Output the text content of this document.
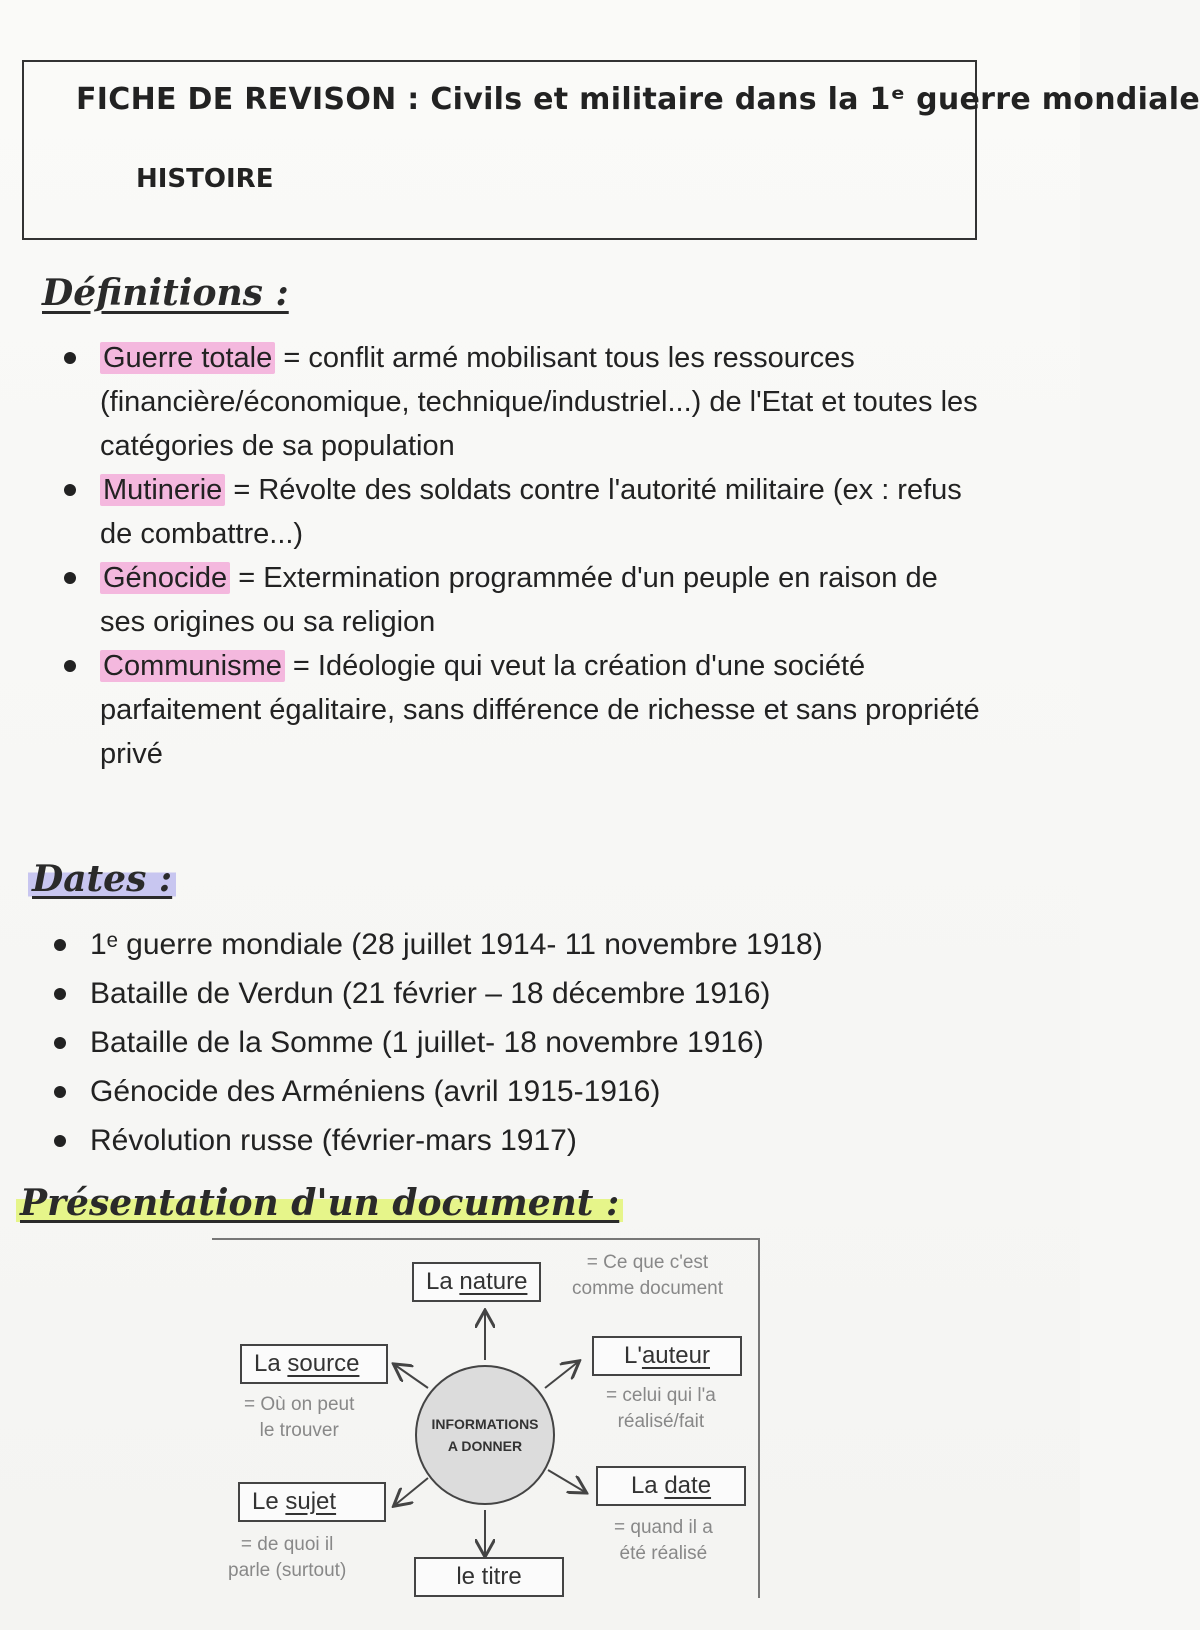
FICHE DE REVISON : Civils et militaire dans la 1ᵉ guerre mondiale
HISTOIRE
Définitions :
Guerre totale = conflit armé mobilisant tous les ressources (financière/économique, technique/industriel...) de l'Etat et toutes les catégories de sa population
Mutinerie = Révolte des soldats contre l'autorité militaire (ex : refus de combattre...)
Génocide = Extermination programmée d'un peuple en raison de ses origines ou sa religion
Communisme = Idéologie qui veut la création d'une société parfaitement égalitaire, sans différence de richesse et sans propriété privé
Dates :
1ᵉ guerre mondiale (28 juillet 1914- 11 novembre 1918)
Bataille de Verdun (21 février – 18 décembre 1916)
Bataille de la Somme (1 juillet- 18 novembre 1916)
Génocide des Arméniens (avril 1915-1916)
Révolution russe (février-mars 1917)
Présentation d'un document :
INFORMATIONS
A DONNER
La nature
= Ce que c'est
comme document
L'auteur
= celui qui l'a
réalisé/fait
La source
= Où on peut
le trouver
La date
= quand il a
été réalisé
Le sujet
= de quoi il
parle (surtout)	le titre
